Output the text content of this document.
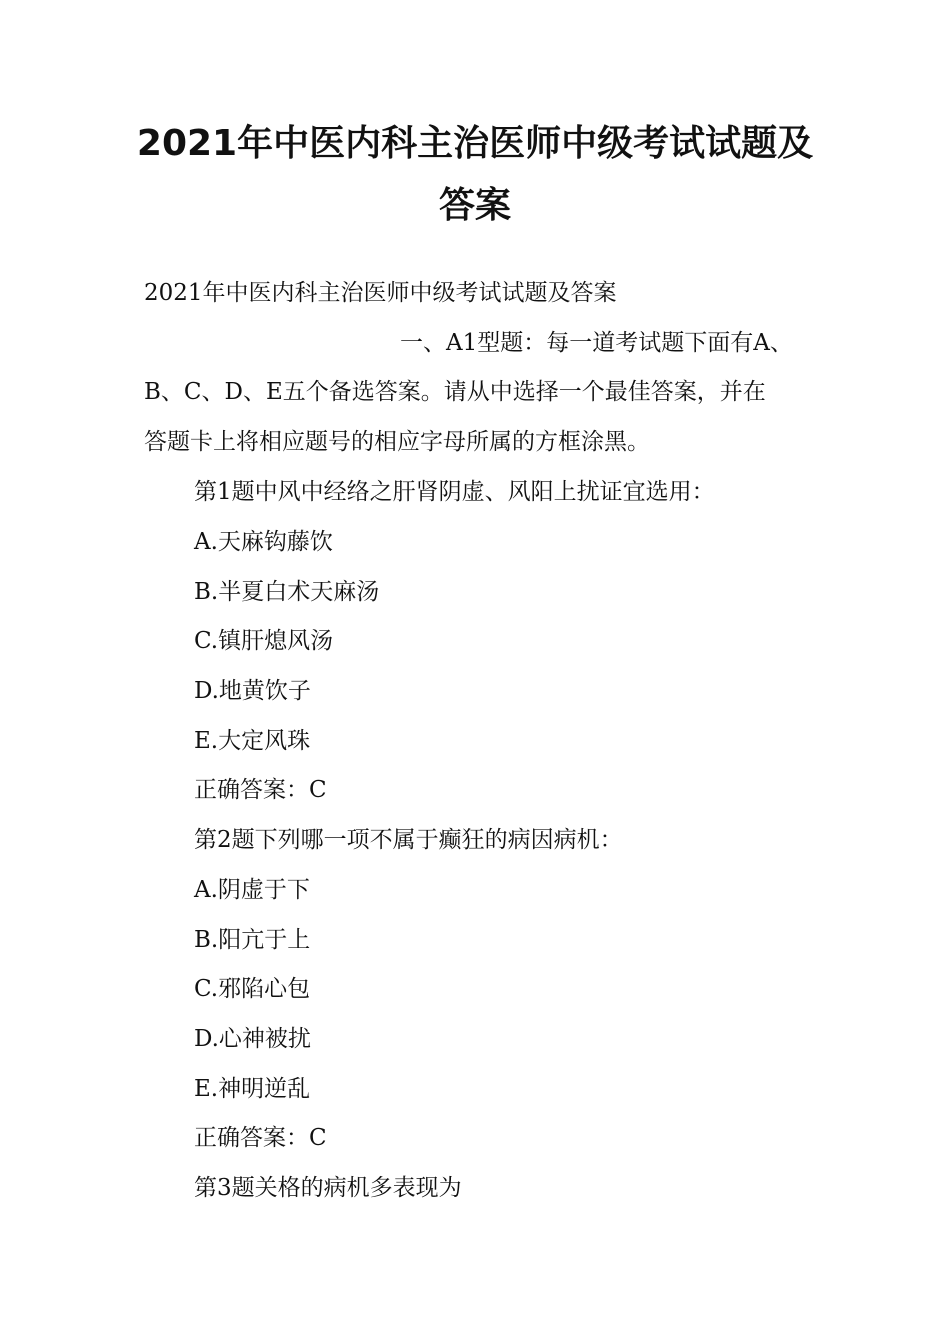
2021年中医内科主治医师中级考试试题及
答案

2021年中医内科主治医师中级考试试题及答案

一、A1型题：每一道考试题下面有A、

B、C、D、E五个备选答案。请从中选择一个最佳答案，并在

答题卡上将相应题号的相应字母所属的方框涂黑。

第1题中风中经络之肝肾阴虚、风阳上扰证宜选用：

A.天麻钩藤饮

B.半夏白术天麻汤

C.镇肝熄风汤

D.地黄饮子

E.大定风珠

正确答案：C

第2题下列哪一项不属于癫狂的病因病机：

A.阴虚于下

B.阳亢于上

C.邪陷心包

D.心神被扰

E.神明逆乱

正确答案：C

第3题关格的病机多表现为
